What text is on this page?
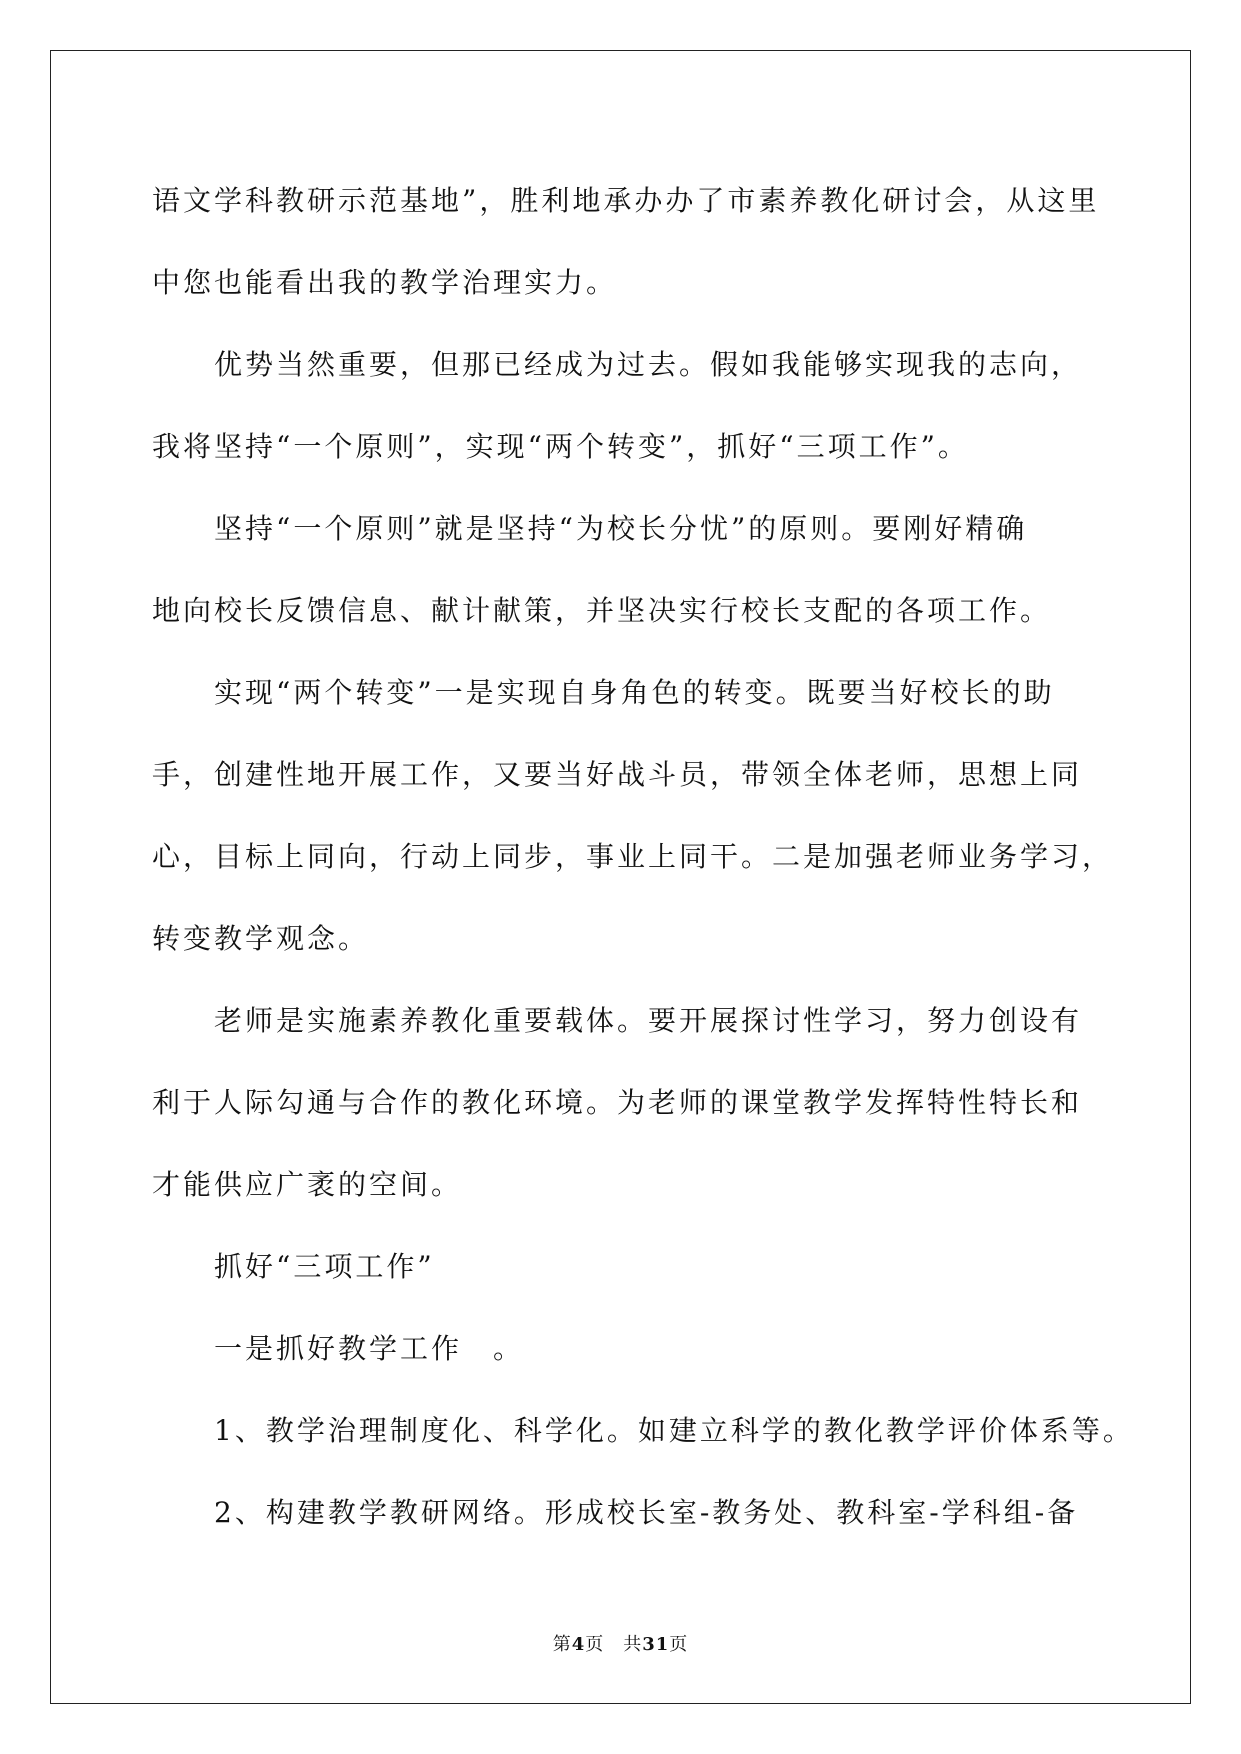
语文学科教研示范基地”，胜利地承办办了市素养教化研讨会，从这里

中您也能看出我的教学治理实力。

　　优势当然重要，但那已经成为过去。假如我能够实现我的志向，

我将坚持“一个原则”，实现“两个转变”，抓好“三项工作”。

　　坚持“一个原则”就是坚持“为校长分忧”的原则。要刚好精确

地向校长反馈信息、献计献策，并坚决实行校长支配的各项工作。

　　实现“两个转变”一是实现自身角色的转变。既要当好校长的助

手，创建性地开展工作，又要当好战斗员，带领全体老师，思想上同

心，目标上同向，行动上同步，事业上同干。二是加强老师业务学习，

转变教学观念。

　　老师是实施素养教化重要载体。要开展探讨性学习，努力创设有

利于人际勾通与合作的教化环境。为老师的课堂教学发挥特性特长和

才能供应广袤的空间。

　　抓好“三项工作”

　　一是抓好教学工作　。

　　1、教学治理制度化、科学化。如建立科学的教化教学评价体系等。

　　2、构建教学教研网络。形成校长室-教务处、教科室-学科组-备

第4页　共31页
